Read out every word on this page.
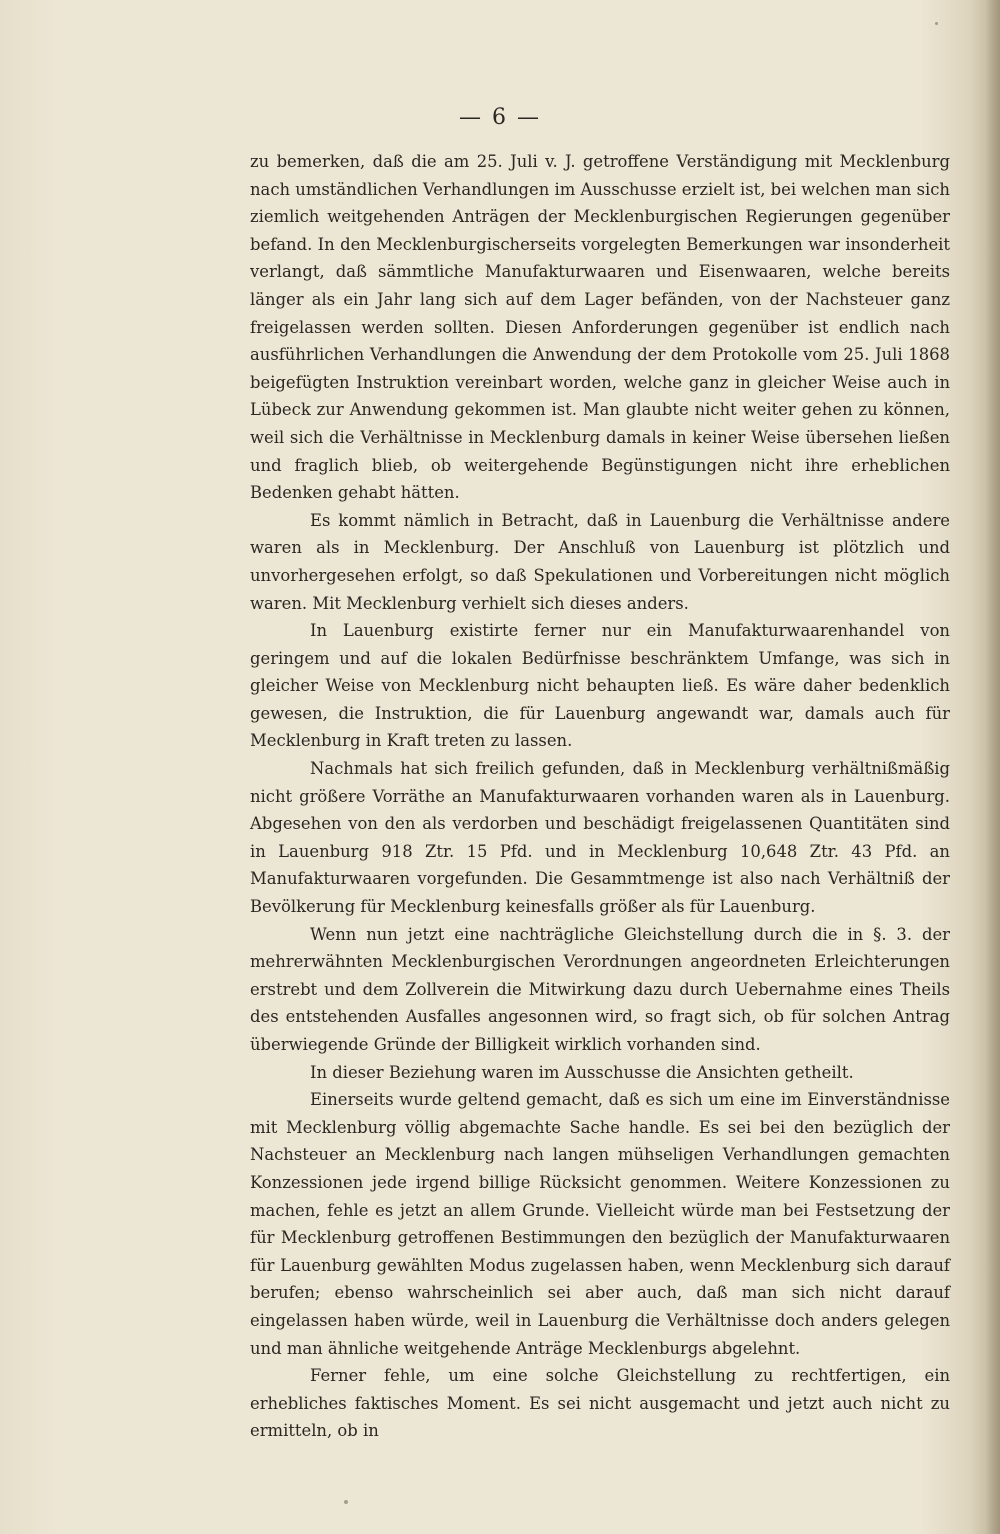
— 6 —

zu bemerken, daß die am 25. Juli v. J. getroffene Verständigung mit Mecklenburg nach umständlichen Verhandlungen im Ausschusse erzielt ist, bei welchen man sich ziemlich weitgehenden Anträgen der Mecklenburgischen Regierungen gegenüber befand. In den Mecklenburgischerseits vorgelegten Bemerkungen war insonderheit verlangt, daß sämmtliche Manufakturwaaren und Eisenwaaren, welche bereits länger als ein Jahr lang sich auf dem Lager befänden, von der Nachsteuer ganz freigelassen werden sollten. Diesen Anforderungen gegenüber ist endlich nach ausführlichen Verhandlungen die Anwendung der dem Protokolle vom 25. Juli 1868 beigefügten Instruktion vereinbart worden, welche ganz in gleicher Weise auch in Lübeck zur Anwendung gekommen ist. Man glaubte nicht weiter gehen zu können, weil sich die Verhältnisse in Mecklenburg damals in keiner Weise übersehen ließen und fraglich blieb, ob weitergehende Begünstigungen nicht ihre erheblichen Bedenken gehabt hätten.

Es kommt nämlich in Betracht, daß in Lauenburg die Verhältnisse andere waren als in Mecklenburg. Der Anschluß von Lauenburg ist plötzlich und unvorhergesehen erfolgt, so daß Spekulationen und Vorbereitungen nicht möglich waren. Mit Mecklenburg verhielt sich dieses anders.

In Lauenburg existirte ferner nur ein Manufakturwaarenhandel von geringem und auf die lokalen Bedürfnisse beschränktem Umfange, was sich in gleicher Weise von Mecklenburg nicht behaupten ließ. Es wäre daher bedenklich gewesen, die Instruktion, die für Lauenburg angewandt war, damals auch für Mecklenburg in Kraft treten zu lassen.

Nachmals hat sich freilich gefunden, daß in Mecklenburg verhältnißmäßig nicht größere Vorräthe an Manufakturwaaren vorhanden waren als in Lauenburg. Abgesehen von den als verdorben und beschädigt freigelassenen Quantitäten sind in Lauenburg 918 Ztr. 15 Pfd. und in Mecklenburg 10,648 Ztr. 43 Pfd. an Manufakturwaaren vorgefunden. Die Gesammtmenge ist also nach Verhältniß der Bevölkerung für Mecklenburg keinesfalls größer als für Lauenburg.

Wenn nun jetzt eine nachträgliche Gleichstellung durch die in §. 3. der mehrerwähnten Mecklenburgischen Verordnungen angeordneten Erleichterungen erstrebt und dem Zollverein die Mitwirkung dazu durch Uebernahme eines Theils des entstehenden Ausfalles angesonnen wird, so fragt sich, ob für solchen Antrag überwiegende Gründe der Billigkeit wirklich vorhanden sind.

In dieser Beziehung waren im Ausschusse die Ansichten getheilt.

Einerseits wurde geltend gemacht, daß es sich um eine im Einverständnisse mit Mecklenburg völlig abgemachte Sache handle. Es sei bei den bezüglich der Nachsteuer an Mecklenburg nach langen mühseligen Verhandlungen gemachten Konzessionen jede irgend billige Rücksicht genommen. Weitere Konzessionen zu machen, fehle es jetzt an allem Grunde. Vielleicht würde man bei Festsetzung der für Mecklenburg getroffenen Bestimmungen den bezüglich der Manufakturwaaren für Lauenburg gewählten Modus zugelassen haben, wenn Mecklenburg sich darauf berufen; ebenso wahrscheinlich sei aber auch, daß man sich nicht darauf eingelassen haben würde, weil in Lauenburg die Verhältnisse doch anders gelegen und man ähnliche weitgehende Anträge Mecklenburgs abgelehnt.

Ferner fehle, um eine solche Gleichstellung zu rechtfertigen, ein erhebliches faktisches Moment. Es sei nicht ausgemacht und jetzt auch nicht zu ermitteln, ob in
